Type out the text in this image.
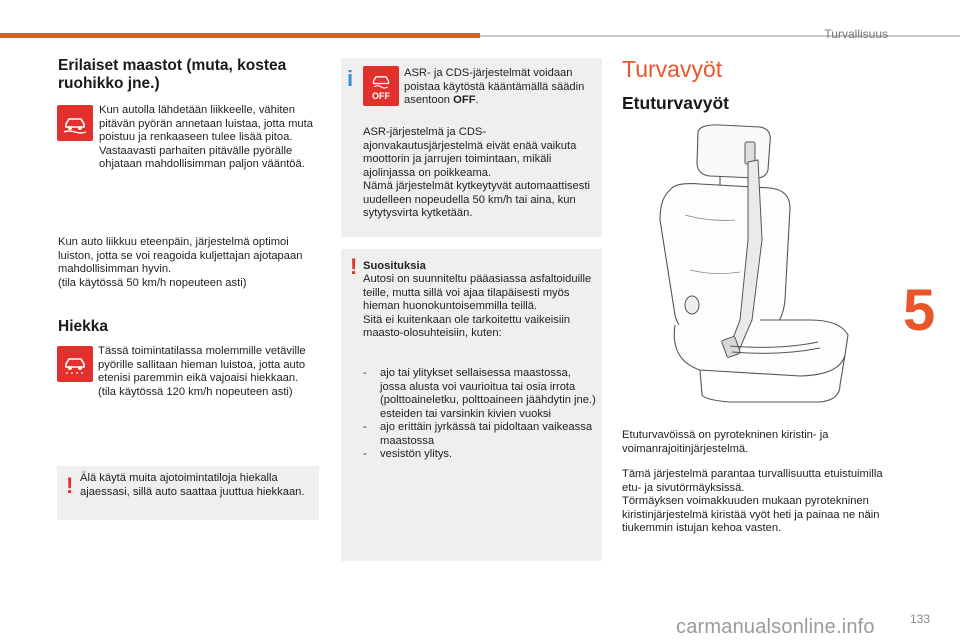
Turvallisuus
5
133
Erilaiset maastot (muta, kostea ruohikko jne.)
Kun autolla lähdetään liikkeelle, vähiten pitävän pyörän annetaan luistaa, jotta muta poistuu ja renkaaseen tulee lisää pitoa. Vastaavasti parhaiten pitävälle pyörälle ohjataan mahdollisimman paljon vääntöä.
Kun auto liikkuu eteenpäin, järjestelmä optimoi luiston, jotta se voi reagoida kuljettajan ajotapaan mahdollisimman hyvin.
(tila käytössä 50 km/h nopeuteen asti)
Hiekka
Tässä toimintatilassa molemmille vetäville pyörille sallitaan hieman luistoa, jotta auto etenisi paremmin eikä vajoaisi hiekkaan.
(tila käytössä 120 km/h nopeuteen asti)
! Älä käytä muita ajotoimintatiloja hiekalla ajaessasi, sillä auto saattaa juuttua hiekkaan.
i
OFF
ASR- ja CDS-järjestelmät voidaan poistaa käytöstä kääntämällä säädin asentoon OFF.
ASR-järjestelmä ja CDS-ajonvakautusjärjestelmä eivät enää vaikuta moottorin ja jarrujen toimintaan, mikäli ajolinjassa on poikkeama.
Nämä järjestelmät kytkeytyvät automaattisesti uudelleen nopeudella 50 km/h tai aina, kun sytytysvirta kytketään.
! Suosituksia
Autosi on suunniteltu pääasiassa asfaltoiduille teille, mutta sillä voi ajaa tilapäisesti myös hieman huonokuntoisemmilla teillä.
Sitä ei kuitenkaan ole tarkoitettu vaikeisiin maasto-olosuhteisiin, kuten:
- ajo tai ylitykset sellaisessa maastossa, jossa alusta voi vaurioitua tai osia irrota (polttoaineletku, polttoaineen jäähdytin jne.) esteiden tai varsinkin kivien vuoksi
- ajo erittäin jyrkässä tai pidoltaan vaikeassa maastossa
- vesistön ylitys.
Turvavyöt
Etuturvavyöt
Etuturvavöissä on pyrotekninen kiristin- ja voimanrajoitinjärjestelmä.
Tämä järjestelmä parantaa turvallisuutta etuistuimilla etu- ja sivutörmäyksissä.
Törmäyksen voimakkuuden mukaan pyrotekninen kiristinjärjestelmä kiristää vyöt heti ja painaa ne näin tiukemmin istujan kehoa vasten.
carmanualsonline.info
